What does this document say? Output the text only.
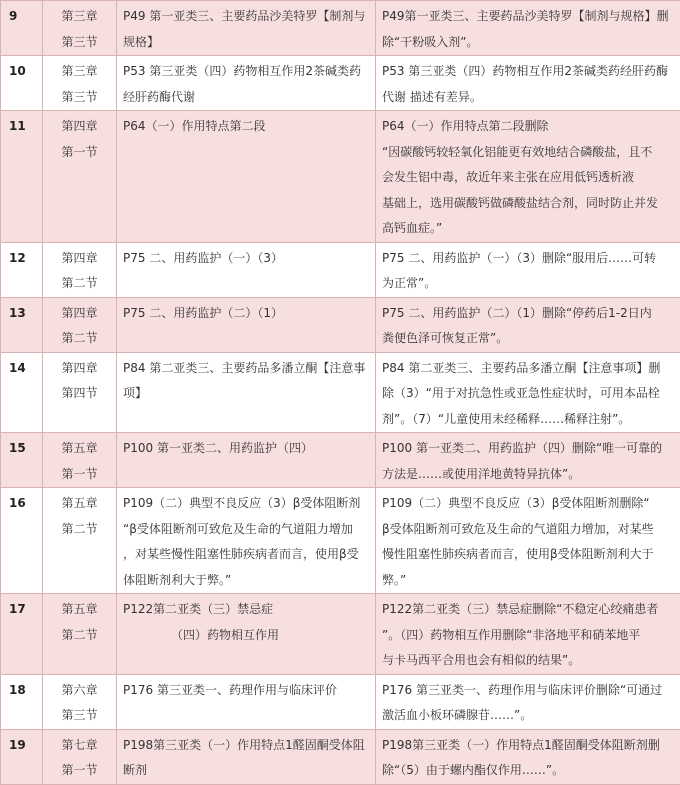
9	第三章
第三节	P49 第一亚类三、主要药品沙美特罗【制剂与
规格】	P49第一亚类三、主要药品沙美特罗【制剂与规格】删
除“干粉吸入剂”。

10	第三章
第三节	P53 第三亚类（四）药物相互作用2茶碱类药
经肝药酶代谢	P53 第三亚类（四）药物相互作用2茶碱类药经肝药酶
代谢 描述有差异。

11	第四章
第一节	P64（一）作用特点第二段	P64（一）作用特点第二段删除
“因碳酸钙较轻氧化铝能更有效地结合磷酸盐，且不
会发生铝中毒，故近年来主张在应用低钙透析液
基础上，选用碳酸钙做磷酸盐结合剂，同时防止并发
高钙血症。”

12	第四章
第二节	P75 二、用药监护（一）（3）	P75 二、用药监护（一）（3）删除“服用后……可转
为正常”。

13	第四章
第二节	P75 二、用药监护（二）（1）	P75 二、用药监护（二）（1）删除“停药后1-2日内
粪便色泽可恢复正常”。

14	第四章
第四节	P84 第二亚类三、主要药品多潘立酮【注意事
项】	P84 第二亚类三、主要药品多潘立酮【注意事项】删
除（3）“用于对抗急性或亚急性症状时，可用本品栓
剂”。（7）“儿童使用未经稀释……稀释注射”。

15	第五章
第一节	P100 第一亚类二、用药监护（四）	P100 第一亚类二、用药监护（四）删除“唯一可靠的
方法是……或使用洋地黄特异抗体”。

16	第五章
第二节	P109（二）典型不良反应（3）β受体阻断剂
“β受体阻断剂可致危及生命的气道阻力增加
，对某些慢性阻塞性肺疾病者而言，使用β受
体阻断剂利大于弊。”	P109（二）典型不良反应（3）β受体阻断剂删除“
β受体阻断剂可致危及生命的气道阻力增加，对某些
慢性阻塞性肺疾病者而言，使用β受体阻断剂利大于
弊。”

17	第五章
第二节	P122第二亚类（三）禁忌症
（四）药物相互作用	P122第二亚类（三）禁忌症删除“不稳定心绞痛患者
”。（四）药物相互作用删除“非洛地平和硝苯地平
与卡马西平合用也会有相似的结果”。

18	第六章
第三节	P176 第三亚类一、药理作用与临床评价	P176 第三亚类一、药理作用与临床评价删除“可通过
激活血小板环磷腺苷……”。

19	第七章
第一节	P198第三亚类（一）作用特点1醛固酮受体阻
断剂	P198第三亚类（一）作用特点1醛固酮受体阻断剂删
除“（5）由于螺内酯仅作用……”。
